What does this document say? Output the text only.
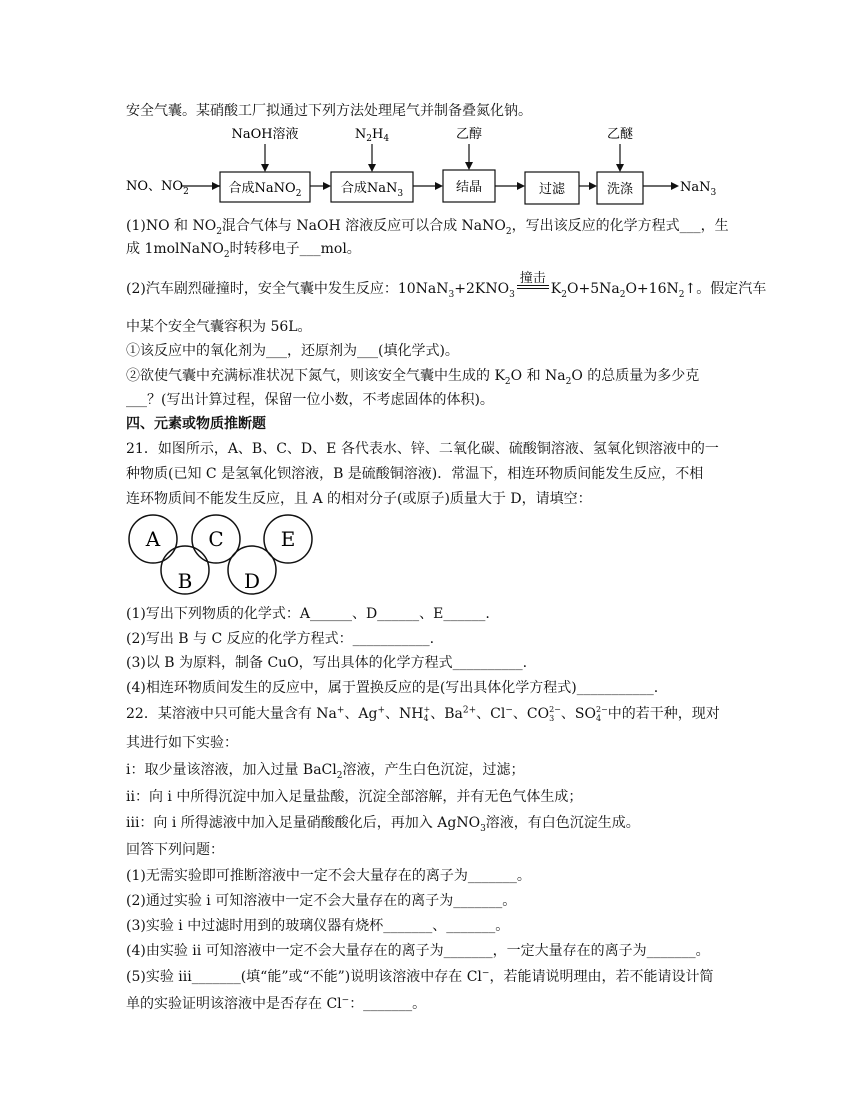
安全气囊。某硝酸工厂拟通过下列方法处理尾气并制备叠氮化钠。
NO、$NO_2$	合成NaNO$_2$	合成NaN$_3$	结晶	过滤	洗涤	NaN$_3$
NaOH溶液	$N_2H_4$	乙醇	乙醚
(1)NO 和 $NO_2$混合气体与 NaOH 溶液反应可以合成 NaNO$_2$，写出该反应的化学方程式___，生
成 1molNaNO$_2$时转移电子___mol。
(2)汽车剧烈碰撞时，安全气囊中发生反应：$10NaN_3+2KNO_3$
撞击
$K_2O+5Na_2O+16N_2↑$。假定汽车
中某个安全气囊容积为 56L。
①该反应中的氧化剂为___，还原剂为___(填化学式)。
②欲使气囊中充满标准状况下氮气，则该安全气囊中生成的 $K_2O$ 和 $Na_2O$ 的总质量为多少克
___？(写出计算过程，保留一位小数，不考虑固体的体积)。
四、元素或物质推断题
21．如图所示，A、B、C、D、E 各代表水、锌、二氧化碳、硫酸铜溶液、氢氧化钡溶液中的一
种物质(已知 C 是氢氧化钡溶液，B 是硫酸铜溶液)．常温下，相连环物质间能发生反应，不相
连环物质间不能发生反应，且 A 的相对分子(或原子)质量大于 D，请填空：
A C	E
B	D
(1)写出下列物质的化学式：A______、D______、E______.
(2)写出 B 与 C 反应的化学方程式：___________.
(3)以 B 为原料，制备 CuO，写出具体的化学方程式__________.
(4)相连环物质间发生的反应中，属于置换反应的是(写出具体化学方程式)___________.
22．某溶液中只可能大量含有 Na+、Ag+、NH +
4 、$Ba^{2+}$、Cl−、CO 2−
3 、SO 2−
4 中的若干种，现对
其进行如下实验：
i：取少量该溶液，加入过量 BaCl$_2$溶液，产生白色沉淀，过滤；
ii：向 i 中所得沉淀中加入足量盐酸，沉淀全部溶解，并有无色气体生成；
iii：向 i 所得滤液中加入足量硝酸酸化后，再加入 AgNO$_3$溶液，有白色沉淀生成。
回答下列问题：
(1)无需实验即可推断溶液中一定不会大量存在的离子为_______。
(2)通过实验 i 可知溶液中一定不会大量存在的离子为_______。
(3)实验 i 中过滤时用到的玻璃仪器有烧杯_______、_______。
(4)由实验 ii 可知溶液中一定不会大量存在的离子为_______，一定大量存在的离子为_______。
(5)实验 iii_______(填“能”或“不能”)说明该溶液中存在 Cl−，若能请说明理由，若不能请设计简
单的实验证明该溶液中是否存在 Cl−：_______。
